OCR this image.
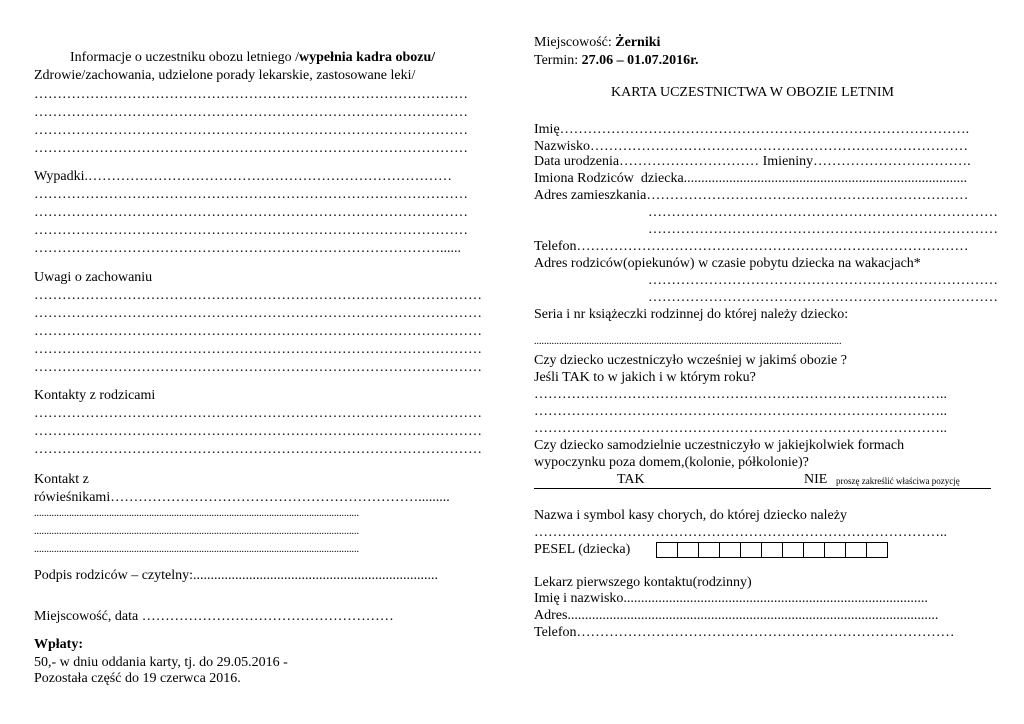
Informacje o uczestniku obozu letniego /wypełnia kadra obozu/
Zdrowie/zachowania, udzielone porady lekarskie, zastosowane leki/
…………………………………………………………………………………
…………………………………………………………………………………
…………………………………………………………………………………
…………………………………………………………………………………
Wypadki.……………………………………………………………………
…………………………………………………………………………………
…………………………………………………………………………………
…………………………………………………………………………………
……………………………………………………………………………......
Uwagi o zachowaniu
……………………………………………………………………………………
……………………………………………………………………………………
……………………………………………………………………………………
……………………………………………………………………………………
……………………………………………………………………………………
Kontakty z rodzicami
……………………………………………………………………………………
……………………………………………………………………………………
……………………………………………………………………………………
Kontakt z
rówieśnikami………………………………………………………….........
..................................................................................................................................
..................................................................................................................................
..................................................................................................................................
Podpis rodziców – czytelny:......................................................................
Miejscowość, data ………………………………………………
Wpłaty:
50,- w dniu oddania karty, tj. do 29.05.2016 -
Pozostała część do 19 czerwca 2016.
Miejscowość: Żerniki
Termin: 27.06 – 01.07.2016r.
KARTA UCZESTNICTWA W OBOZIE LETNIM
Imię…………………………………………………………………………….
Nazwisko………………………………………………………………………
Data urodzenia………………………… Imieniny…………………………….
Imiona Rodziców  dziecka.................................................................................
Adres zamieszkania……………………………………………………………
…………………………………………………………………
…………………………………………………………………
Telefon…………………………………………………………………………
Adres rodziców(opiekunów) w czasie pobytu dziecka na wakacjach*
…………………………………………………………………
…………………………………………………………………
Seria i nr książeczki rodzinnej do której należy dziecko:
...........................................................................................................................
Czy dziecko uczestniczyło wcześniej w jakimś obozie ?
Jeśli TAK to w jakich i w którym roku?
……………………………………………………………………………..
……………………………………………………………………………..
……………………………………………………………………………..
Czy dziecko samodzielnie uczestniczyło w jakiejkolwiek formach
wypoczynku poza domem,(kolonie, półkolonie)?
TAK	NIE proszę zakreślić właściwa pozycję
Nazwa i symbol kasy chorych, do której dziecko należy
……………………………………………………………………………..
PESEL (dziecka)
Lekarz pierwszego kontaktu(rodzinny)
Imię i nazwisko.......................................................................................
Adres..........................................................................................................
Telefon………………………………………………………………………
